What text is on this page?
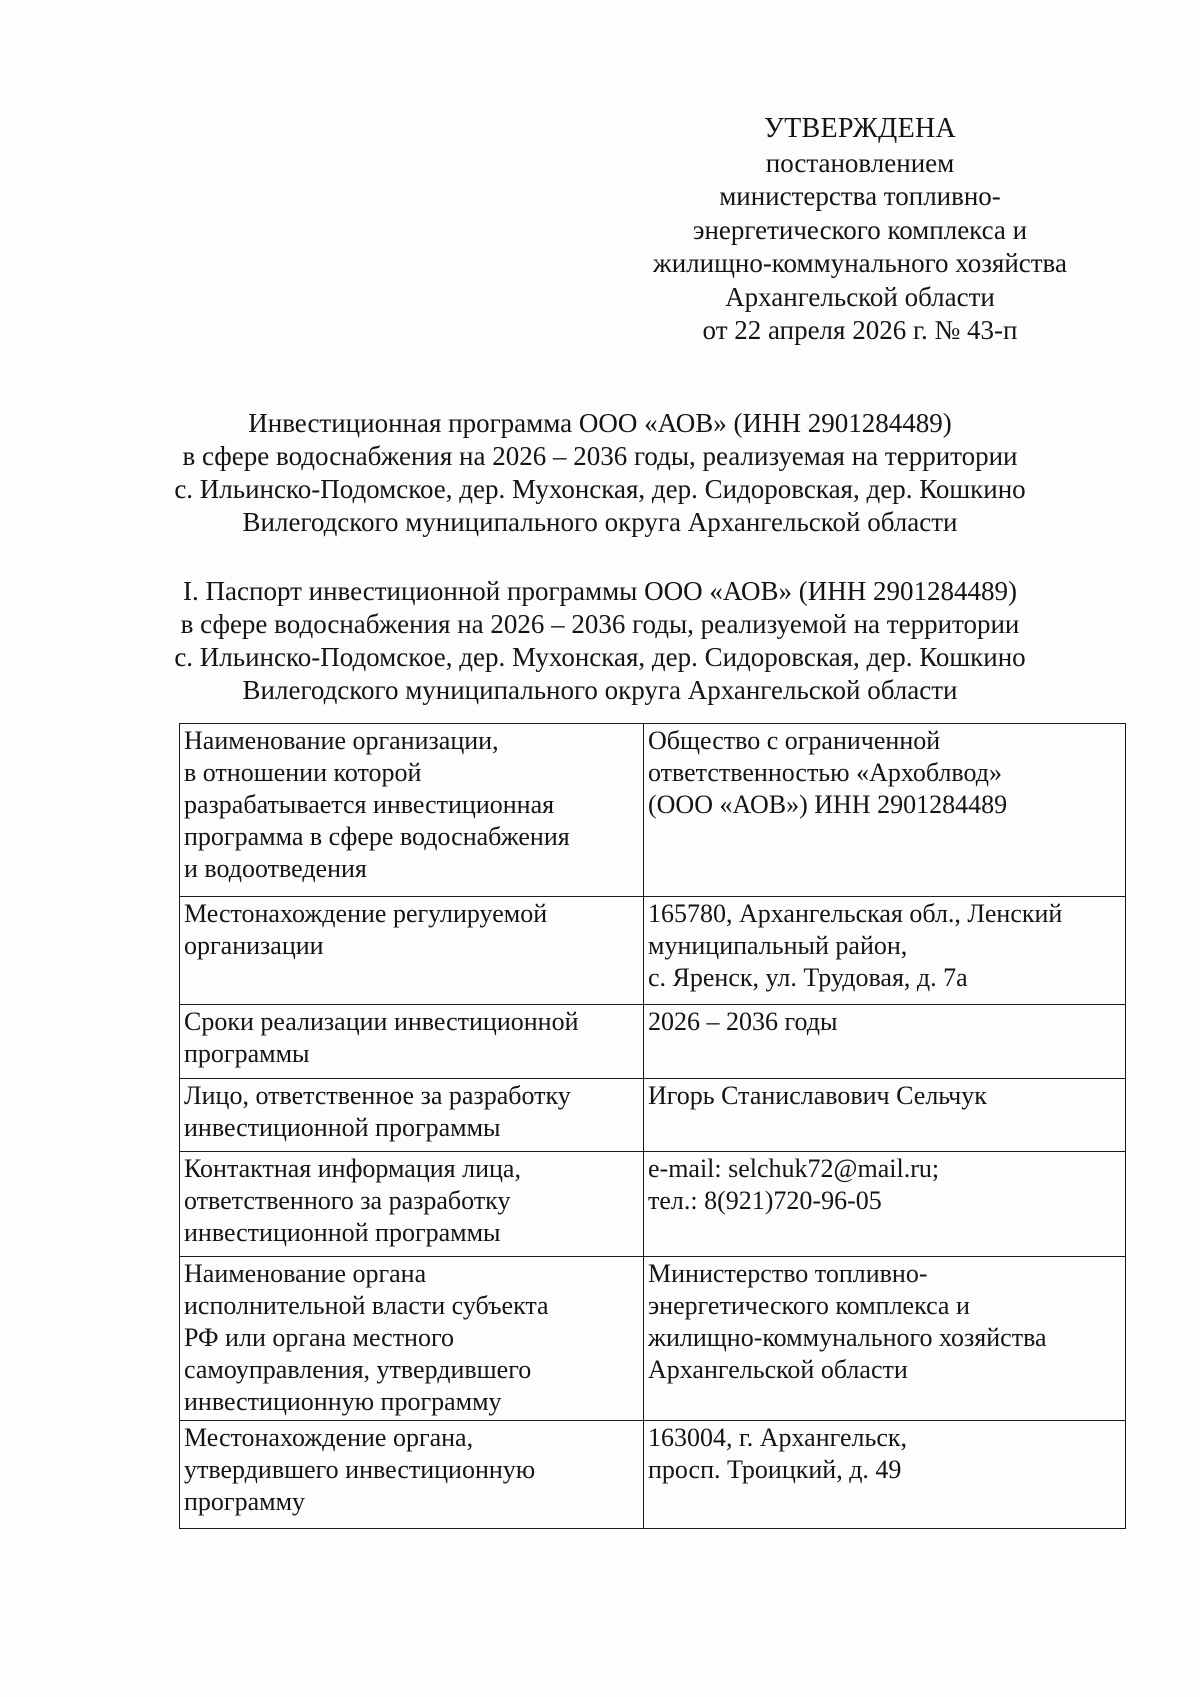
УТВЕРЖДЕНА
постановлением
министерства топливно-
энергетического комплекса и
жилищно-коммунального хозяйства
Архангельской области
от 22 апреля 2026 г. № 43-п
Инвестиционная программа ООО «АОВ» (ИНН 2901284489)
в сфере водоснабжения на 2026 – 2036 годы, реализуемая на территории
с. Ильинско-Подомское, дер. Мухонская, дер. Сидоровская, дер. Кошкино
Вилегодского муниципального округа Архангельской области
I. Паспорт инвестиционной программы ООО «АОВ» (ИНН 2901284489)
в сфере водоснабжения на 2026 – 2036 годы, реализуемой на территории
с. Ильинско-Подомское, дер. Мухонская, дер. Сидоровская, дер. Кошкино
Вилегодского муниципального округа Архангельской области
Наименование организации,
в отношении которой
разрабатывается инвестиционная
программа в сфере водоснабжения
и водоотведения	Общество с ограниченной
ответственностью «Архоблвод»
(ООО «АОВ») ИНН 2901284489

Местонахождение регулируемой
организации	165780, Архангельская обл., Ленский
муниципальный район,
с. Яренск, ул. Трудовая, д. 7а

Сроки реализации инвестиционной
программы	2026 – 2036 годы

Лицо, ответственное за разработку
инвестиционной программы	Игорь Станиславович Сельчук

Контактная информация лица,
ответственного за разработку
инвестиционной программы	e-mail: selchuk72@mail.ru;
тел.: 8(921)720-96-05

Наименование органа
исполнительной власти субъекта
РФ или органа местного
самоуправления, утвердившего
инвестиционную программу	Министерство топливно-
энергетического комплекса и
жилищно-коммунального хозяйства
Архангельской области

Местонахождение органа,
утвердившего инвестиционную
программу	163004, г. Архангельск,
просп. Троицкий, д. 49
